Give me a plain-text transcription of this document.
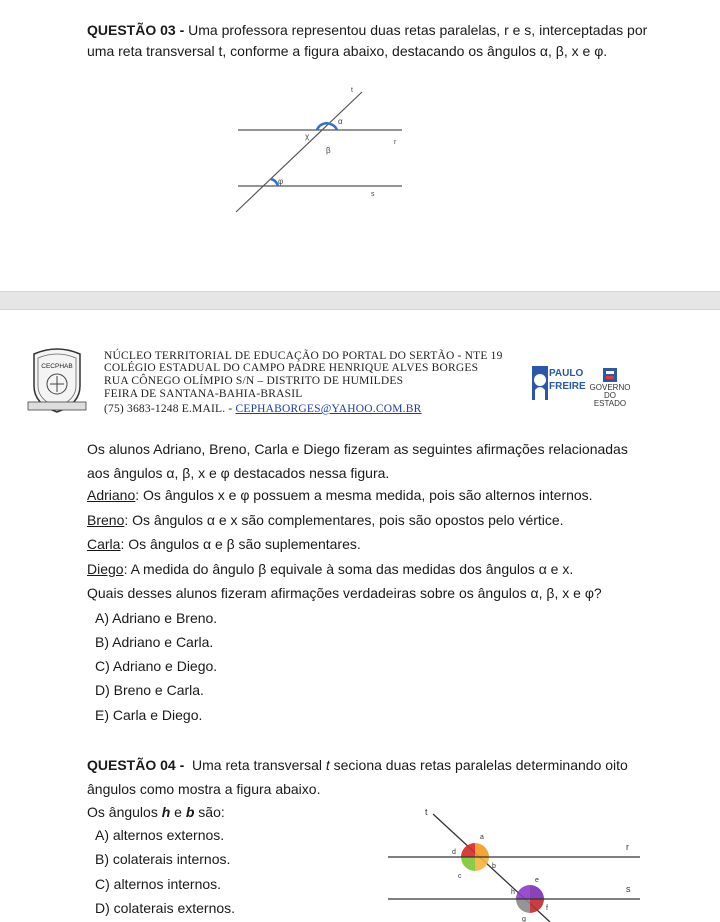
QUESTÃO 03 - Uma professora representou duas retas paralelas, r e s, interceptadas por
uma reta transversal t, conforme a figura abaixo, destacando os ângulos α, β, x e φ.
t
r
s
α
χ
β
φ
CECPHAB
NÚCLEO TERRITORIAL DE EDUCAÇÃO DO PORTAL DO SERTÃO - NTE 19
COLÉGIO ESTADUAL DO CAMPO PADRE HENRIQUE ALVES BORGES
RUA CÔNEGO OLÍMPIO S/N – DISTRITO DE HUMILDES
FEIRA DE SANTANA-BAHIA-BRASIL
(75) 3683-1248 E.MAIL. - CEPHABORGES@YAHOO.COM.BR
PAULO
FREIRE GOVERNO
DO ESTADO
Os alunos Adriano, Breno, Carla e Diego fizeram as seguintes afirmações relacionadas
aos ângulos α, β, x e φ destacados nessa figura.
Adriano: Os ângulos x e φ possuem a mesma medida, pois são alternos internos.
Breno: Os ângulos α e x são complementares, pois são opostos pelo vértice.
Carla: Os ângulos α e β são suplementares.
Diego: A medida do ângulo β equivale à soma das medidas dos ângulos α e x.
Quais desses alunos fizeram afirmações verdadeiras sobre os ângulos α, β, x e φ?
A) Adriano e Breno.
B) Adriano e Carla.
C) Adriano e Diego.
D) Breno e Carla.
E) Carla e Diego.
QUESTÃO 04 - Uma reta transversal t seciona duas retas paralelas determinando oito
ângulos como mostra a figura abaixo.
Os ângulos h e b são:
A) alternos externos.
B) colaterais internos.
C) alternos internos.
D) colaterais externos.
t
r
s
a
d
b
c
e
h
f
g
